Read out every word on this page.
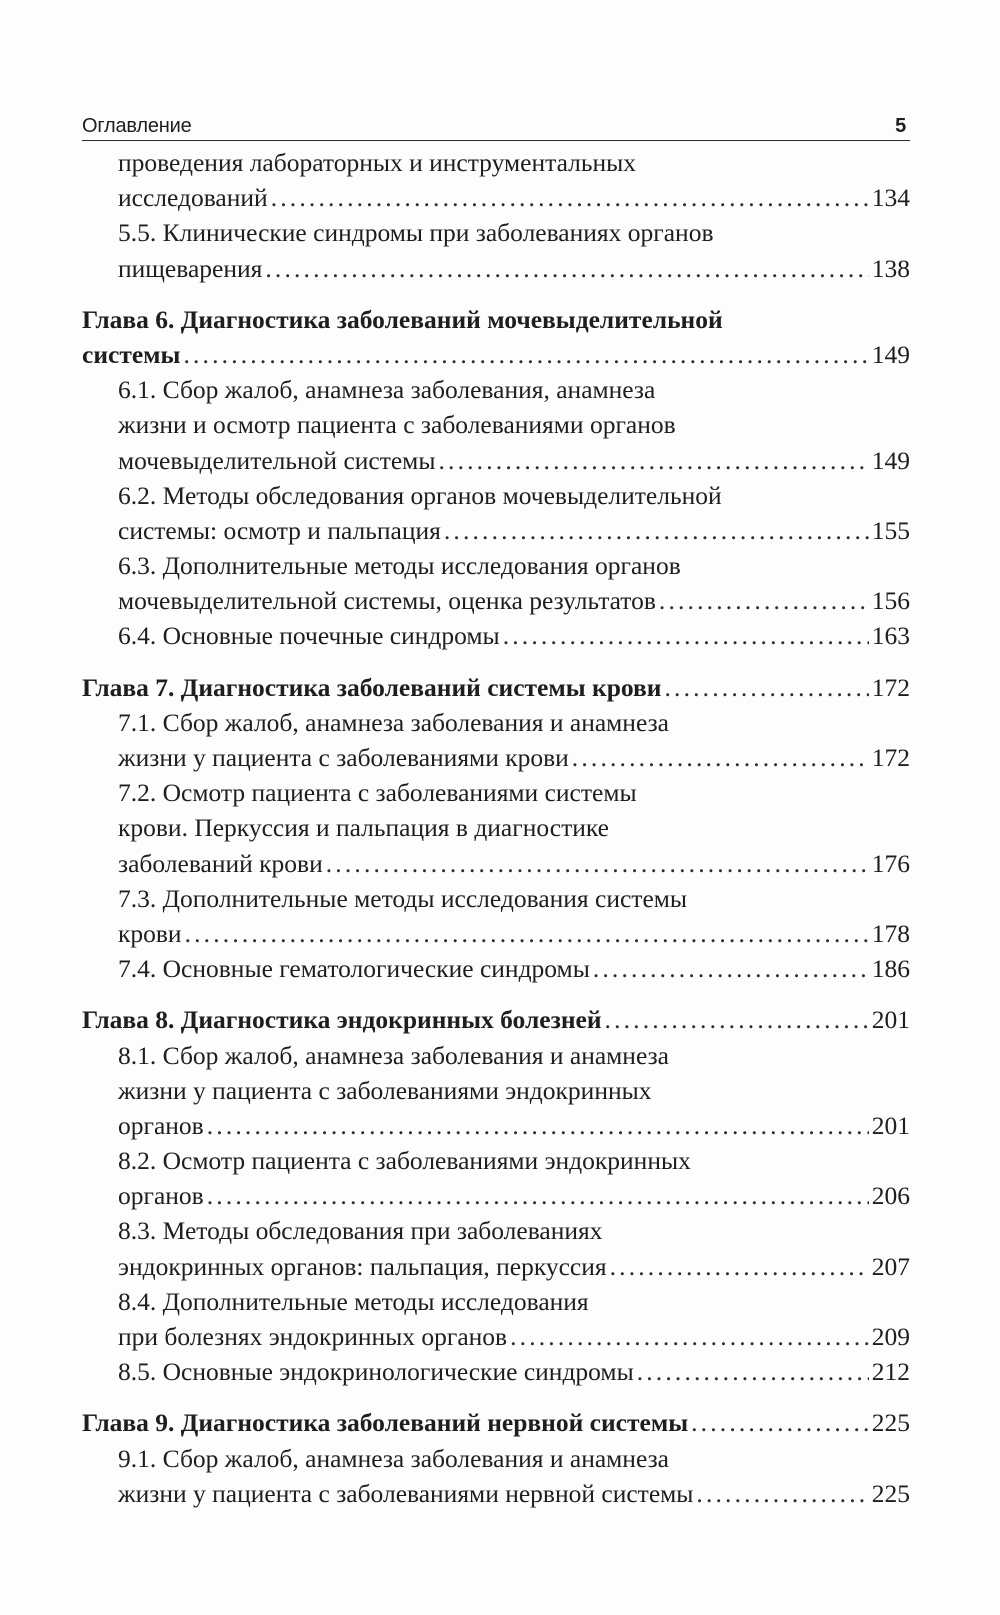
Оглавление	5
проведения лабораторных и инструментальных
исследований . . .	134
5.5. Клинические синдромы при заболеваниях органов
пищеварения . . .	138
Глава 6. Диагностика заболеваний мочевыделительной
системы . . .	149
6.1. Сбор жалоб, анамнеза заболевания, анамнеза
жизни и осмотр пациента с заболеваниями органов
мочевыделительной системы . . .	149
6.2. Методы обследования органов мочевыделительной
системы: осмотр и пальпация . . .	155
6.3. Дополнительные методы исследования органов
мочевыделительной системы, оценка результатов . . .	156
6.4. Основные почечные синдромы . . .	163
Глава 7. Диагностика заболеваний системы крови . . .	172
7.1. Сбор жалоб, анамнеза заболевания и анамнеза
жизни у пациента с заболеваниями крови . . .	172
7.2. Осмотр пациента с заболеваниями системы
крови. Перкуссия и пальпация в диагностике
заболеваний крови . . .	176
7.3. Дополнительные методы исследования системы
крови . . .	178
7.4. Основные гематологические синдромы . . .	186
Глава 8. Диагностика эндокринных болезней . . .	201
8.1. Сбор жалоб, анамнеза заболевания и анамнеза
жизни у пациента с заболеваниями эндокринных
органов . . .	201
8.2. Осмотр пациента с заболеваниями эндокринных
органов . . .	206
8.3. Методы обследования при заболеваниях
эндокринных органов: пальпация, перкуссия . . .	207
8.4. Дополнительные методы исследования
при болезнях эндокринных органов . . .	209
8.5. Основные эндокринологические синдромы . . .	212
Глава 9. Диагностика заболеваний нервной системы . . .	225
9.1. Сбор жалоб, анамнеза заболевания и анамнеза
жизни у пациента с заболеваниями нервной системы . . .	225
